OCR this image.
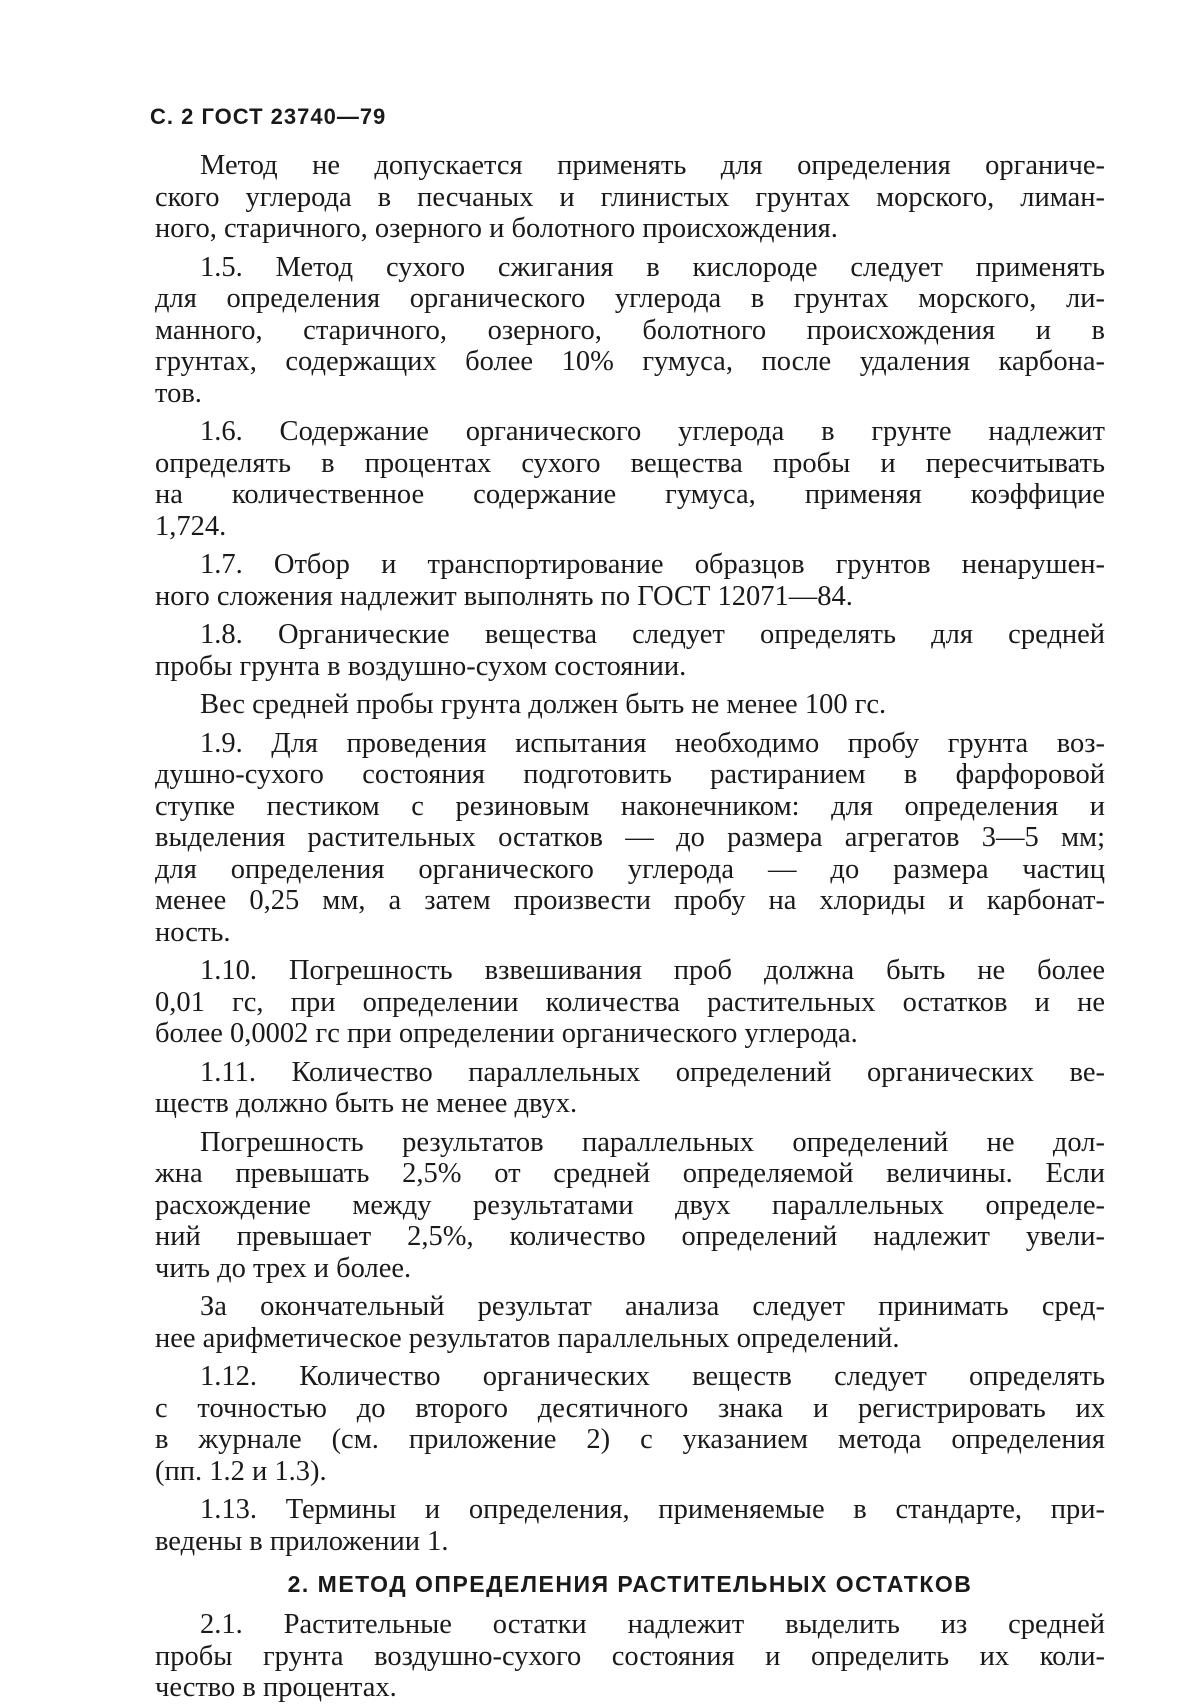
С. 2 ГОСТ 23740—79
Метод не допускается применять для определения органиче-
ского углерода в песчаных и глинистых грунтах морского, лиман-
ного, старичного, озерного и болотного происхождения.
1.5. Метод сухого сжигания в кислороде следует применять
для определения органического углерода в грунтах морского, ли-
манного, старичного, озерного, болотного происхождения и в
грунтах, содержащих более 10% гумуса, после удаления карбона-
тов.
1.6. Содержание органического углерода в грунте надлежит
определять в процентах сухого вещества пробы и пересчитывать
на количественное содержание гумуса, применяя коэффицие
1,724.
1.7. Отбор и транспортирование образцов грунтов ненарушен-
ного сложения надлежит выполнять по ГОСТ 12071—84.
1.8. Органические вещества следует определять для средней
пробы грунта в воздушно-сухом состоянии.
Вес средней пробы грунта должен быть не менее 100 гс.
1.9. Для проведения испытания необходимо пробу грунта воз-
душно-сухого состояния подготовить растиранием в фарфоровой
ступке пестиком с резиновым наконечником: для определения и
выделения растительных остатков — до размера агрегатов 3—5 мм;
для определения органического углерода — до размера частиц
менее 0,25 мм, а затем произвести пробу на хлориды и карбонат-
ность.
1.10. Погрешность взвешивания проб должна быть не более
0,01 гс, при определении количества растительных остатков и не
более 0,0002 гс при определении органического углерода.
1.11. Количество параллельных определений органических ве-
ществ должно быть не менее двух.
Погрешность результатов параллельных определений не дол-
жна превышать 2,5% от средней определяемой величины. Если
расхождение между результатами двух параллельных определе-
ний превышает 2,5%, количество определений надлежит увели-
чить до трех и более.
За окончательный результат анализа следует принимать сред-
нее арифметическое результатов параллельных определений.
1.12. Количество органических веществ следует определять
с точностью до второго десятичного знака и регистрировать их
в журнале (см. приложение 2) с указанием метода определения
(пп. 1.2 и 1.3).
1.13. Термины и определения, применяемые в стандарте, при-
ведены в приложении 1.
2. МЕТОД ОПРЕДЕЛЕНИЯ РАСТИТЕЛЬНЫХ ОСТАТКОВ
2.1. Растительные остатки надлежит выделить из средней
пробы грунта воздушно-сухого состояния и определить их коли-
чество в процентах.
